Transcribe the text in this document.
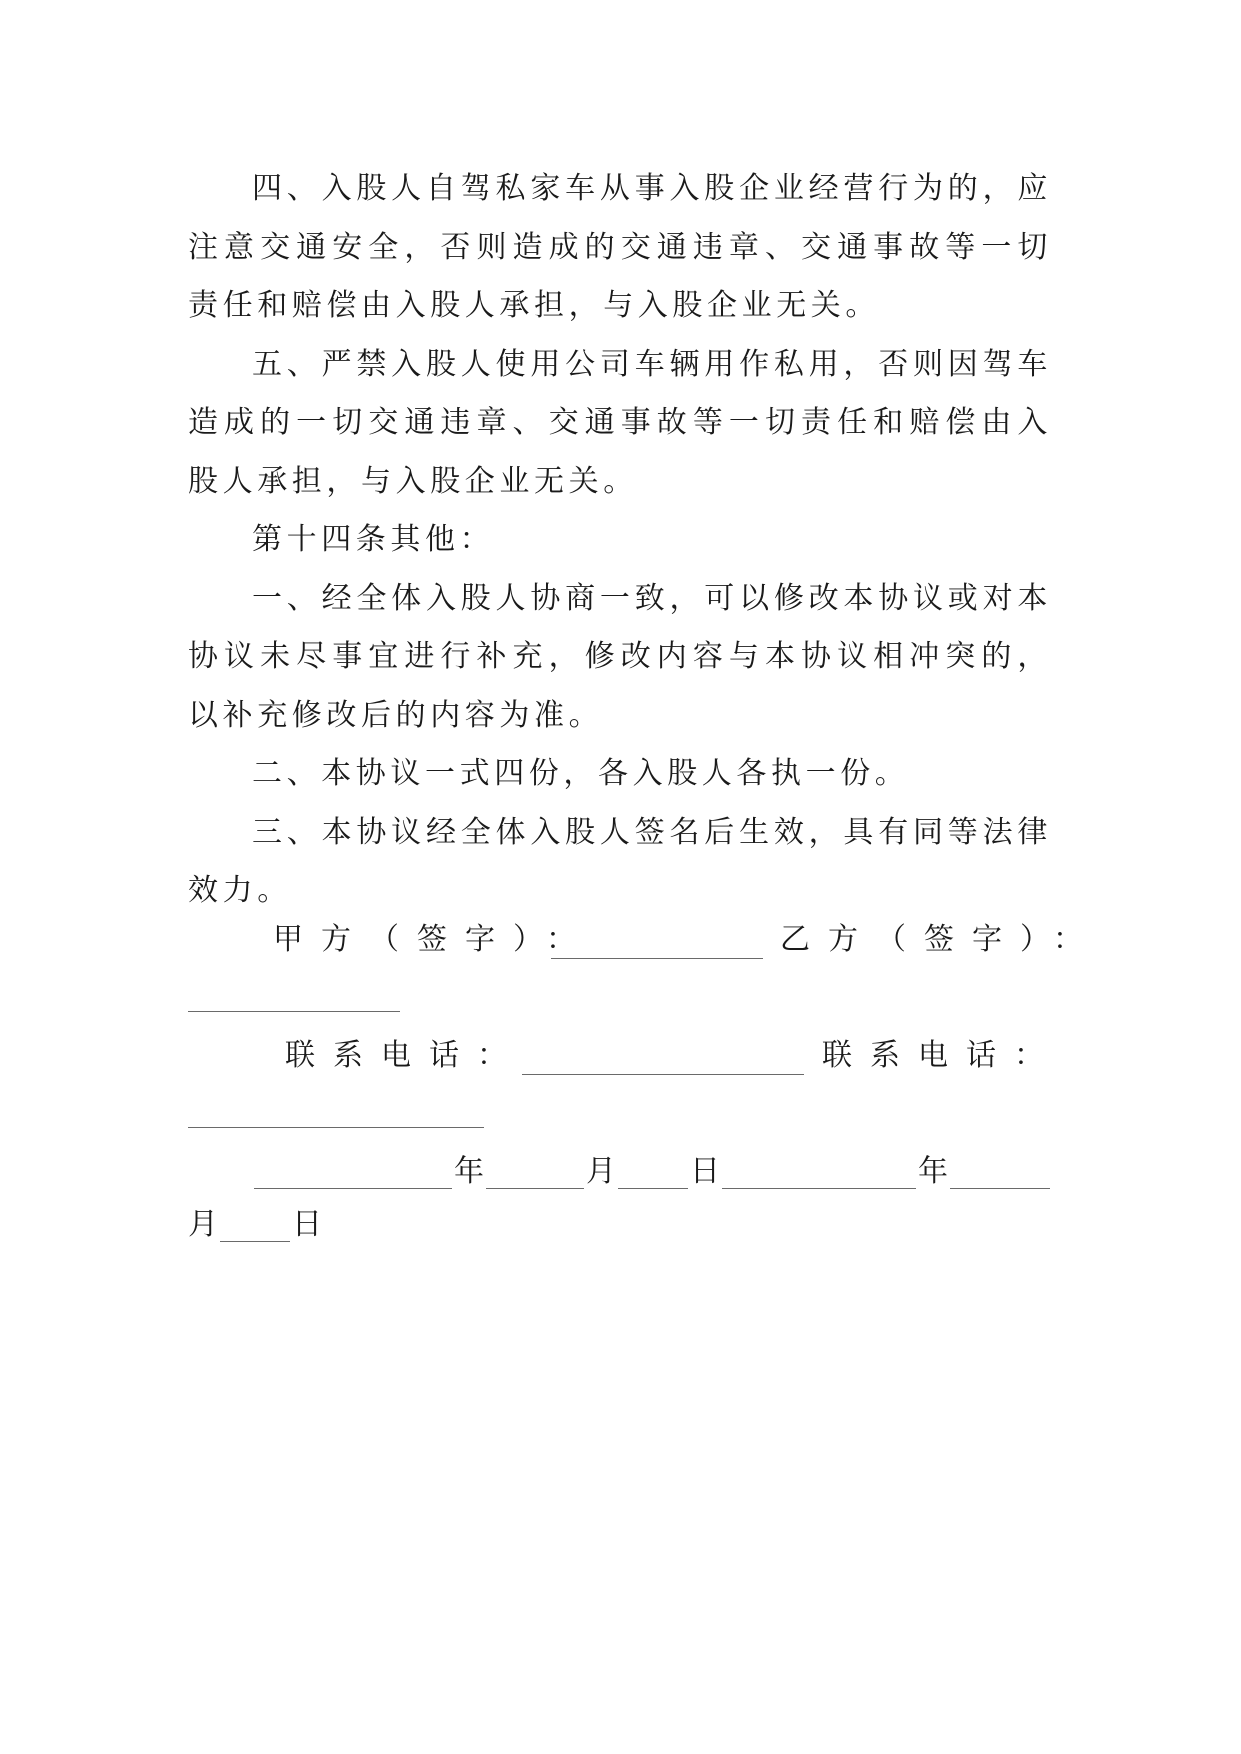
四、入股人自驾私家车从事入股企业经营行为的，应注意交通安全，否则造成的交通违章、交通事故等一切责任和赔偿由入股人承担，与入股企业无关。

五、严禁入股人使用公司车辆用作私用，否则因驾车造成的一切交通违章、交通事故等一切责任和赔偿由入股人承担，与入股企业无关。

第十四条其他：

一、经全体入股人协商一致，可以修改本协议或对本协议未尽事宜进行补充，修改内容与本协议相冲突的，以补充修改后的内容为准。

二、本协议一式四份，各入股人各执一份。

三、本协议经全体入股人签名后生效，具有同等法律效力。

甲方（签字）：	乙方（签字）：
联系电话：	联系电话：
年	月 日	年
月 日
